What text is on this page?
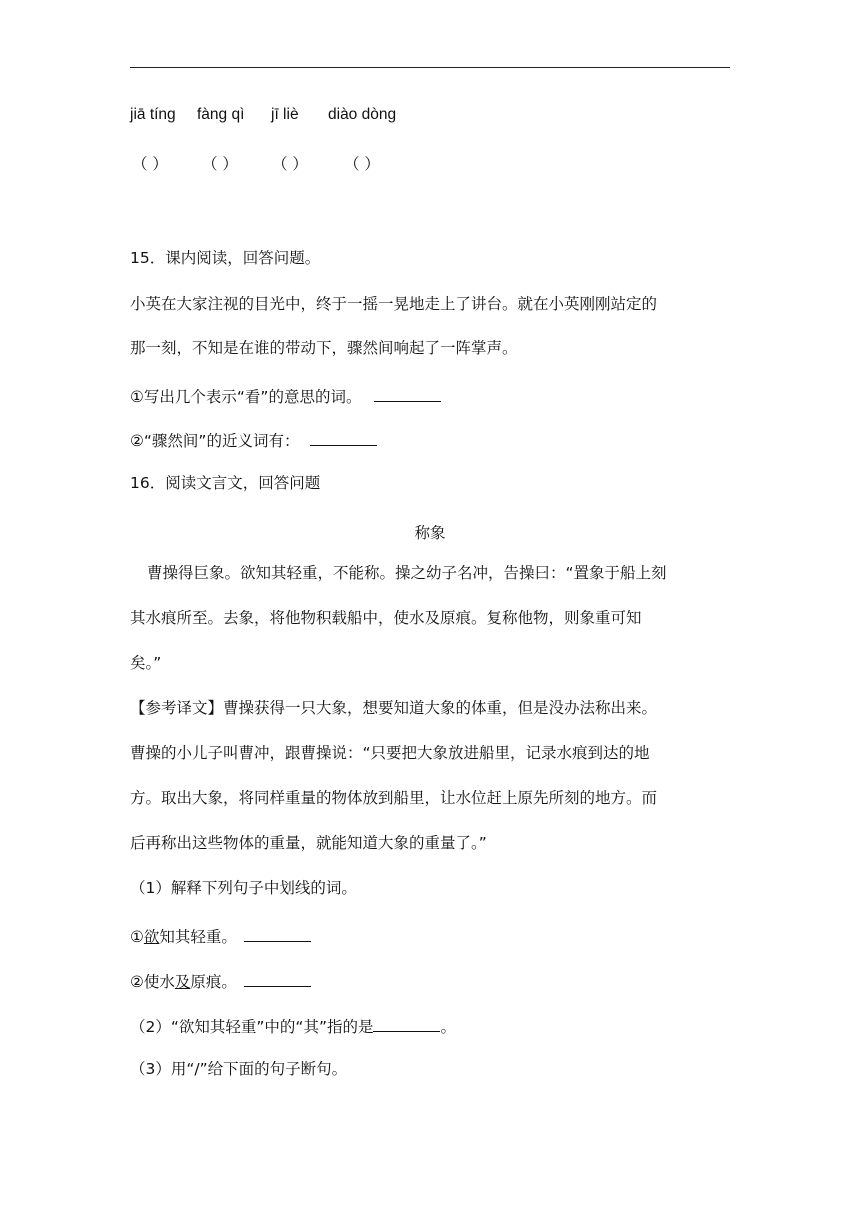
jiā tíng fàng qì jī liè diào dòng
（ ） （ ） （ ） （ ）
15．课内阅读，回答问题。
小英在大家注视的目光中，终于一摇一晃地走上了讲台。就在小英刚刚站定的
那一刻，不知是在谁的带动下，骤然间响起了一阵掌声。
①写出几个表示“看”的意思的词。
②“骤然间”的近义词有：
16．阅读文言文，回答问题
称象
曹操得巨象。欲知其轻重，不能称。操之幼子名冲，告操曰：“置象于船上刻
其水痕所至。去象，将他物积载船中，使水及原痕。复称他物，则象重可知
矣。”
【参考译文】曹操获得一只大象，想要知道大象的体重，但是没办法称出来。
曹操的小儿子叫曹冲，跟曹操说：“只要把大象放进船里，记录水痕到达的地
方。取出大象，将同样重量的物体放到船里，让水位赶上原先所刻的地方。而
后再称出这些物体的重量，就能知道大象的重量了。”
（1）解释下列句子中划线的词。
①欲知其轻重。
②使水及原痕。
（2）“欲知其轻重”中的“其”指的是	。
（3）用“/”给下面的句子断句。
